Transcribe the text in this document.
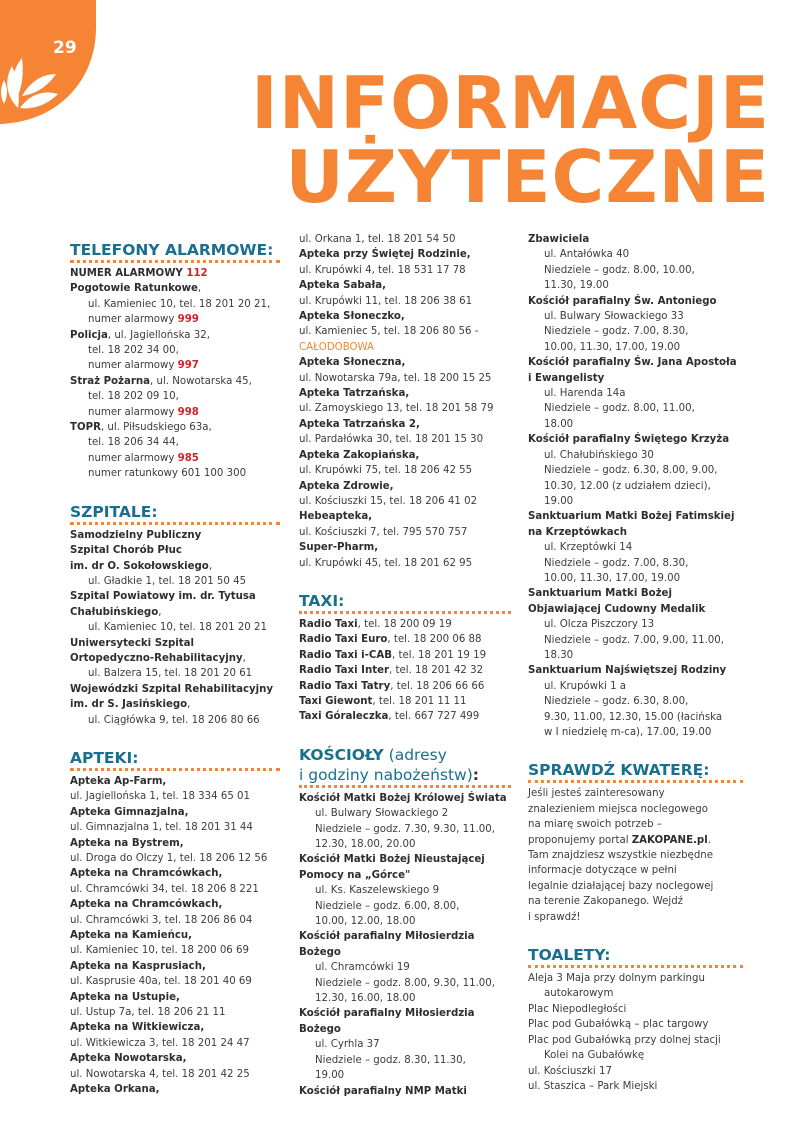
29
INFORMACJE
UŻYTECZNE
TELEFONY ALARMOWE:

NUMER ALARMOWY 112

Pogotowie Ratunkowe,

ul. Kamieniec 10, tel. 18 201 20 21,

numer alarmowy 999

Policja, ul. Jagiellońska 32,

tel. 18 202 34 00,

numer alarmowy 997

Straż Pożarna, ul. Nowotarska 45,

tel. 18 202 09 10,

numer alarmowy 998

TOPR, ul. Piłsudskiego 63a,

tel. 18 206 34 44,

numer alarmowy 985

numer ratunkowy 601 100 300

SZPITALE:

Samodzielny Publiczny

Szpital Chorób Płuc

im. dr O. Sokołowskiego,

ul. Gładkie 1, tel. 18 201 50 45

Szpital Powiatowy im. dr. Tytusa

Chałubińskiego,

ul. Kamieniec 10, tel. 18 201 20 21

Uniwersytecki Szpital

Ortopedyczno-Rehabilitacyjny,

ul. Balzera 15, tel. 18 201 20 61

Wojewódzki Szpital Rehabilitacyjny

im. dr S. Jasińskiego,

ul. Ciągłówka 9, tel. 18 206 80 66

APTEKI:

Apteka Ap-Farm,

ul. Jagiellońska 1, tel. 18 334 65 01

Apteka Gimnazjalna,

ul. Gimnazjalna 1, tel. 18 201 31 44

Apteka na Bystrem,

ul. Droga do Olczy 1, tel. 18 206 12 56

Apteka na Chramcówkach,

ul. Chramcówki 34, tel. 18 206 8 221

Apteka na Chramcówkach,

ul. Chramcówki 3, tel. 18 206 86 04

Apteka na Kamieńcu,

ul. Kamieniec 10, tel. 18 200 06 69

Apteka na Kasprusiach,

ul. Kasprusie 40a, tel. 18 201 40 69

Apteka na Ustupie,

ul. Ustup 7a, tel. 18 206 21 11

Apteka na Witkiewicza,

ul. Witkiewicza 3, tel. 18 201 24 47

Apteka Nowotarska,

ul. Nowotarska 4, tel. 18 201 42 25

Apteka Orkana,

ul. Orkana 1, tel. 18 201 54 50

Apteka przy Świętej Rodzinie,

ul. Krupówki 4, tel. 18 531 17 78

Apteka Sabała,

ul. Krupówki 11, tel. 18 206 38 61

Apteka Słoneczko,

ul. Kamieniec 5, tel. 18 206 80 56 -

CAŁODOBOWA

Apteka Słoneczna,

ul. Nowotarska 79a, tel. 18 200 15 25

Apteka Tatrzańska,

ul. Zamoyskiego 13, tel. 18 201 58 79

Apteka Tatrzańska 2,

ul. Pardałówka 30, tel. 18 201 15 30

Apteka Zakopiańska,

ul. Krupówki 75, tel. 18 206 42 55

Apteka Zdrowie,

ul. Kościuszki 15, tel. 18 206 41 02

Hebeapteka,

ul. Kościuszki 7, tel. 795 570 757

Super-Pharm,

ul. Krupówki 45, tel. 18 201 62 95

TAXI:

Radio Taxi, tel. 18 200 09 19

Radio Taxi Euro, tel. 18 200 06 88

Radio Taxi i-CAB, tel. 18 201 19 19

Radio Taxi Inter, tel. 18 201 42 32

Radio Taxi Tatry, tel. 18 206 66 66

Taxi Giewont, tel. 18 201 11 11

Taxi Góraleczka, tel. 667 727 499

KOŚCIOŁY (adresy
i godziny nabożeństw):

Kościół Matki Bożej Królowej Świata

ul. Bulwary Słowackiego 2

Niedziele – godz. 7.30, 9.30, 11.00,

12.30, 18.00, 20.00

Kościół Matki Bożej Nieustającej

Pomocy na „Górce"

ul. Ks. Kaszelewskiego 9

Niedziele – godz. 6.00, 8.00,

10.00, 12.00, 18.00

Kościół parafialny Miłosierdzia

Bożego

ul. Chramcówki 19

Niedziele – godz. 8.00, 9.30, 11.00,

12.30, 16.00, 18.00

Kościół parafialny Miłosierdzia

Bożego

ul. Cyrhla 37

Niedziele – godz. 8.30, 11.30,

19.00

Kościół parafialny NMP Matki

Zbawiciela

ul. Antałówka 40

Niedziele – godz. 8.00, 10.00,

11.30, 19.00

Kościół parafialny Św. Antoniego

ul. Bulwary Słowackiego 33

Niedziele – godz. 7.00, 8.30,

10.00, 11.30, 17.00, 19.00

Kościół parafialny Św. Jana Apostoła

i Ewangelisty

ul. Harenda 14a

Niedziele – godz. 8.00, 11.00,

18.00

Kościół parafialny Świętego Krzyża

ul. Chałubińskiego 30

Niedziele – godz. 6.30, 8.00, 9.00,

10.30, 12.00 (z udziałem dzieci),

19.00

Sanktuarium Matki Bożej Fatimskiej

na Krzeptówkach

ul. Krzeptówki 14

Niedziele – godz. 7.00, 8.30,

10.00, 11.30, 17.00, 19.00

Sanktuarium Matki Bożej

Objawiającej Cudowny Medalik

ul. Olcza Piszczory 13

Niedziele – godz. 7.00, 9.00, 11.00,

18.30

Sanktuarium Najświętszej Rodziny

ul. Krupówki 1 a

Niedziele – godz. 6.30, 8.00,

9.30, 11.00, 12.30, 15.00 (łacińska

w I niedzielę m-ca), 17.00, 19.00

SPRAWDŹ KWATERĘ:

Jeśli jesteś zainteresowany

znalezieniem miejsca noclegowego

na miarę swoich potrzeb –

proponujemy portal ZAKOPANE.pl.

Tam znajdziesz wszystkie niezbędne

informacje dotyczące w pełni

legalnie działającej bazy noclegowej

na terenie Zakopanego. Wejdź

i sprawdź!

TOALETY:

Aleja 3 Maja przy dolnym parkingu

autokarowym

Plac Niepodległości

Plac pod Gubałówką – plac targowy

Plac pod Gubałówką przy dolnej stacji

Kolei na Gubałówkę

ul. Kościuszki 17

ul. Staszica – Park Miejski
